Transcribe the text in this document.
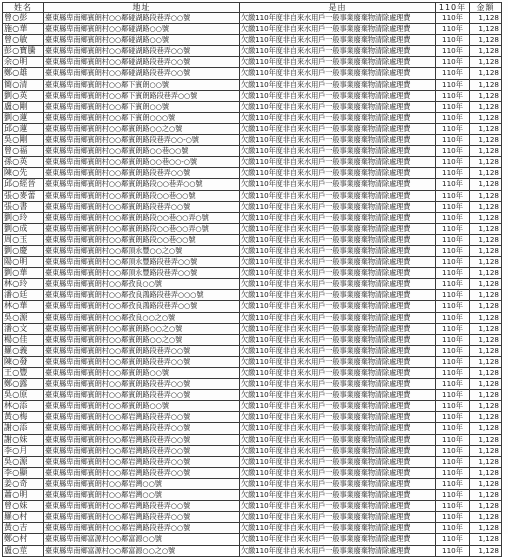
姓名	地址	是由	110年	金額
曾○彭	臺東縣卑南鄉賓朗村○○鄰碰湖路段巷弄○○號	欠繳110年度非自來水用戶一般事業廢棄物清除處理費	110年	1,128
施○華	臺東縣卑南鄉賓朗村○○鄰碰湖路○○號	欠繳110年度非自來水用戶一般事業廢棄物清除處理費	110年	1,128
曾○敏	臺東縣卑南鄉賓朗村○○鄰碰湖路○○號	欠繳110年度非自來水用戶一般事業廢棄物清除處理費	110年	1,128
彭○寶騰	臺東縣卑南鄉賓朗村○○鄰碰湖路段巷弄○○號	欠繳110年度非自來水用戶一般事業廢棄物清除處理費	110年	1,128
余○明	臺東縣卑南鄉賓朗村○○鄰碰湖路段巷弄○○號	欠繳110年度非自來水用戶一般事業廢棄物清除處理費	110年	1,128
鄭○雄	臺東縣卑南鄉賓朗村○○鄰碰湖路段巷弄○○號	欠繳110年度非自來水用戶一般事業廢棄物清除處理費	110年	1,128
簡○清	臺東縣卑南鄉賓朗村○○鄰下賓朗○○號	欠繳110年度非自來水用戶一般事業廢棄物清除處理費	110年	1,128
劉○英	臺東縣卑南鄉賓朗村○○鄰下賓朗路段巷弄○○號	欠繳110年度非自來水用戶一般事業廢棄物清除處理費	110年	1,128
盧○剛	臺東縣卑南鄉賓朗村○○鄰下賓朗○○號	欠繳110年度非自來水用戶一般事業廢棄物清除處理費	110年	1,128
劉○蓮	臺東縣卑南鄉賓朗村○○鄰下賓朗○○○號	欠繳110年度非自來水用戶一般事業廢棄物清除處理費	110年	1,128
邱○蓮	臺東縣卑南鄉賓朗村○○鄰賓朗路○○之○號	欠繳110年度非自來水用戶一般事業廢棄物清除處理費	110年	1,128
吳○剛	臺東縣卑南鄉賓朗村○○鄰賓朗路段巷弄○○-○號	欠繳110年度非自來水用戶一般事業廢棄物清除處理費	110年	1,128
曾○福	臺東縣卑南鄉賓朗村○○鄰賓朗路○○巷○○號	欠繳110年度非自來水用戶一般事業廢棄物清除處理費	110年	1,128
孫○英	臺東縣卑南鄉賓朗村○○鄰賓朗路○○巷○○-○號	欠繳110年度非自來水用戶一般事業廢棄物清除處理費	110年	1,128
陳○先	臺東縣卑南鄉賓朗村○○鄰賓朗路段巷弄○○號	欠繳110年度非自來水用戶一般事業廢棄物清除處理費	110年	1,128
邱○經晉	臺東縣卑南鄉賓朗村○○鄰賓朗路段○○巷弄○○號	欠繳110年度非自來水用戶一般事業廢棄物清除處理費	110年	1,128
張○麥蕾	臺東縣卑南鄉賓朗村○○鄰賓朗路段○○巷○○號	欠繳110年度非自來水用戶一般事業廢棄物清除處理費	110年	1,128
張○書	臺東縣卑南鄉賓朗村○○鄰賓朗路段巷弄○○號	欠繳110年度非自來水用戶一般事業廢棄物清除處理費	110年	1,128
劉○玲	臺東縣卑南鄉賓朗村○○鄰賓朗路段○○巷○○弄○號	欠繳110年度非自來水用戶一般事業廢棄物清除處理費	110年	1,128
劉○成	臺東縣卑南鄉賓朗村○○鄰賓朗路段○○巷○○弄○號	欠繳110年度非自來水用戶一般事業廢棄物清除處理費	110年	1,128
周○玉	臺東縣卑南鄉賓朗村○○鄰賓朗路段○○巷○○號	欠繳110年度非自來水用戶一般事業廢棄物清除處理費	110年	1,128
劉○慶	臺東縣卑南鄉賓朗村○○鄰頂永豐○○之○號	欠繳110年度非自來水用戶一般事業廢棄物清除處理費	110年	1,128
陽○明	臺東縣卑南鄉賓朗村○○鄰頂永豐路段巷弄○○號	欠繳110年度非自來水用戶一般事業廢棄物清除處理費	110年	1,128
劉○華	臺東縣卑南鄉賓朗村○○鄰頂永豐路段巷弄○○號	欠繳110年度非自來水用戶一般事業廢棄物清除處理費	110年	1,128
林○玲	臺東縣卑南鄉賓朗村○○鄰孜良○○號	欠繳110年度非自來水用戶一般事業廢棄物清除處理費	110年	1,128
潘○廷	臺東縣卑南鄉賓朗村○○鄰孜良鴻路段巷弄○○○號	欠繳110年度非自來水用戶一般事業廢棄物清除處理費	110年	1,128
林○華	臺東縣卑南鄉賓朗村○○鄰孜良鴻路段巷弄○○號	欠繳110年度非自來水用戶一般事業廢棄物清除處理費	110年	1,128
吳○源	臺東縣卑南鄉賓朗村○○鄰孜良○○之○號	欠繳110年度非自來水用戶一般事業廢棄物清除處理費	110年	1,128
潘○文	臺東縣卑南鄉賓朗村○○鄰賓朗路○○之○號	欠繳110年度非自來水用戶一般事業廢棄物清除處理費	110年	1,128
楊○佳	臺東縣卑南鄉賓朗村○○鄰賓朗路○○之○號	欠繳110年度非自來水用戶一般事業廢棄物清除處理費	110年	1,128
羅○義	臺東縣卑南鄉賓朗村○○鄰賓朗路段巷弄○○號	欠繳110年度非自來水用戶一般事業廢棄物清除處理費	110年	1,128
陳○發	臺東縣卑南鄉賓朗村○○鄰賓朗路段巷弄○○號	欠繳110年度非自來水用戶一般事業廢棄物清除處理費	110年	1,128
王○豐	臺東縣卑南鄉賓朗村○○鄰賓朗路○○號	欠繳110年度非自來水用戶一般事業廢棄物清除處理費	110年	1,128
鄭○露	臺東縣卑南鄉賓朗村○○鄰賓朗路段巷弄○○號	欠繳110年度非自來水用戶一般事業廢棄物清除處理費	110年	1,128
吳○原	臺東縣卑南鄉賓朗村○○鄰賓朗路段巷弄○○號	欠繳110年度非自來水用戶一般事業廢棄物清除處理費	110年	1,128
林○添	臺東縣卑南鄉賓朗村○○鄰賓朗路○○號	欠繳110年度非自來水用戶一般事業廢棄物清除處理費	110年	1,128
黃○梅	臺東縣卑南鄉賓朗村○○鄰岩灣路段巷弄○○號	欠繳110年度非自來水用戶一般事業廢棄物清除處理費	110年	1,128
謝○添	臺東縣卑南鄉賓朗村○○鄰岩灣路段巷弄○○號	欠繳110年度非自來水用戶一般事業廢棄物清除處理費	110年	1,128
謝○妹	臺東縣卑南鄉賓朗村○○鄰岩灣路段巷弄○○號	欠繳110年度非自來水用戶一般事業廢棄物清除處理費	110年	1,128
李○月	臺東縣卑南鄉賓朗村○○鄰岩灣路段巷弄○○號	欠繳110年度非自來水用戶一般事業廢棄物清除處理費	110年	1,128
吳○源	臺東縣卑南鄉賓朗村○○鄰岩灣路段巷弄○○號	欠繳110年度非自來水用戶一般事業廢棄物清除處理費	110年	1,128
李○顯	臺東縣卑南鄉賓朗村○○鄰岩灣路段巷弄○○號	欠繳110年度非自來水用戶一般事業廢棄物清除處理費	110年	1,128
姜○奇	臺東縣卑南鄉賓朗村○○鄰岩灣○○號	欠繳110年度非自來水用戶一般事業廢棄物清除處理費	110年	1,128
蕭○明	臺東縣卑南鄉賓朗村○○鄰岩灣○○號	欠繳110年度非自來水用戶一般事業廢棄物清除處理費	110年	1,128
曾○妹	臺東縣卑南鄉賓朗村○○鄰岩灣路段巷弄○○號	欠繳110年度非自來水用戶一般事業廢棄物清除處理費	110年	1,128
羅○村	臺東縣卑南鄉賓朗村○○鄰岩灣路段巷弄○○號	欠繳110年度非自來水用戶一般事業廢棄物清除處理費	110年	1,128
黃○吉	臺東縣卑南鄉賓朗村○○鄰岩灣路段巷弄○○號	欠繳110年度非自來水用戶一般事業廢棄物清除處理費	110年	1,128
鄭○村	臺東縣卑南鄉富源村○○鄰富源○○號	欠繳110年度非自來水用戶一般事業廢棄物清除處理費	110年	1,128
盧○莖	臺東縣卑南鄉富源村○○鄰富源○○之○號	欠繳110年度非自來水用戶一般事業廢棄物清除處理費	110年	1,128
